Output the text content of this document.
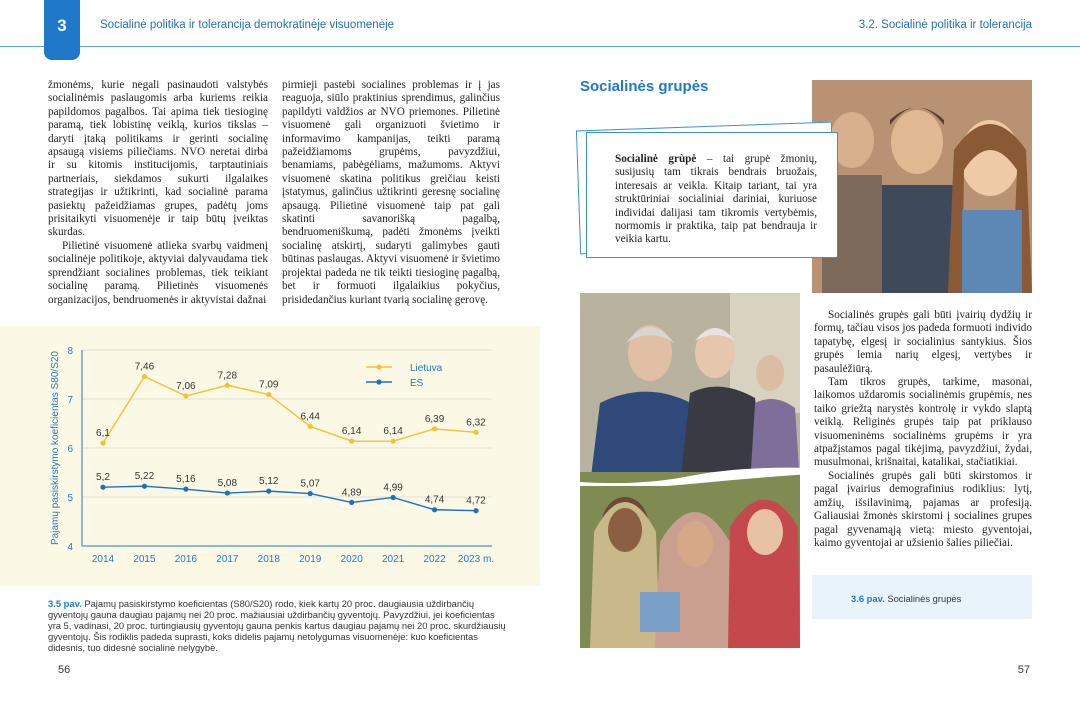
3	Socialinė politika ir tolerancija demokratinėje visuomenėje	3.2. Socialinė politika ir tolerancija

žmonėms, kurie negali pasinaudoti valstybės socialinėmis paslaugomis arba kuriems reikia papildomos pagalbos. Tai apima tiek tiesioginę paramą, tiek lobistinę veiklą, kurios tikslas – daryti įtaką politikams ir gerinti socialinę apsaugą visiems piliečiams. NVO neretai dirba ir su kitomis institucijomis, tarptautiniais partneriais, siekdamos sukurti ilgalaikes strategijas ir užtikrinti, kad socialinė parama pasiektų pažeidžiamas grupes, padėtų joms prisitaikyti visuomenėje ir taip būtų įveiktas skurdas.

Pilietinė visuomenė atlieka svarbų vaidmenį socialinėje politikoje, aktyviai dalyvaudama tiek sprendžiant socialines problemas, tiek teikiant socialinę paramą. Pilietinės visuomenės organizacijos, bendruomenės ir aktyvistai dažnai

pirmieji pastebi socialines problemas ir į jas reaguoja, siūlo praktinius sprendimus, galinčius papildyti valdžios ar NVO priemones. Pilietinė visuomenė gali organizuoti švietimo ir informavimo kampanijas, teikti paramą pažeidžiamoms grupėms, pavyzdžiui, benamiams, pabėgėliams, mažumoms. Aktyvi visuomenė skatina politikus greičiau keisti įstatymus, galinčius užtikrinti geresnę socialinę apsaugą. Pilietinė visuomenė taip pat gali skatinti savanorišką pagalbą, bendruomeniškumą, padėti žmonėms įveikti socialinę atskirtį, sudaryti galimybes gauti būtinas paslaugas. Aktyvi visuomenė ir švietimo projektai padeda ne tik teikti tiesioginę pagalbą, bet ir formuoti ilgalaikius pokyčius, prisidedančius kuriant tvarią socialinę gerovę.

4
5
6
7
8
2014 2015 2016 2017 2018 2019 2020 2021 2022 2023 m.
Pajamų pasiskirstymo koeficientas S80/S20	6,1
7,46
7,06
7,28
7,09
6,44
6,14 6,14
6,39 6,32
Lietuva
5,2 5,22 5,16 5,08 5,12 5,07
4,89 4,99
4,74 4,72
ES
3.5 pav. Pajamų pasiskirstymo koeficientas (S80/S20) rodo, kiek kartų 20 proc. daugiausia uždirbančių gyventojų gauna daugiau pajamų nei 20 proc. mažiausiai uždirbančių gyventojų. Pavyzdžiui, jei koeficientas yra 5, vadinasi, 20 proc. turtingiausių gyventojų gauna penkis kartus daugiau pajamų nei 20 proc. skurdžiausių gyventojų. Šis rodiklis padeda suprasti, koks didelis pajamų netolygumas visuomenėje: kuo koeficientas didesnis, tuo didesnė socialinė nelygybė.
56
Socialinės grupės
Socialinė grùpė – tai grupė žmonių, susijusių tam tikrais bendrais bruožais, interesais ar veikla. Kitaip tariant, tai yra struktūriniai socialiniai dariniai, kuriuose individai dalijasi tam tikromis vertybėmis, normomis ir praktika, taip pat bendrauja ir veikia kartu.

Socialinės grupės gali būti įvairių dydžių ir formų, tačiau visos jos padeda formuoti individo tapatybę, elgesį ir socialinius santykius. Šios grupės lemia narių elgesį, vertybes ir pasaulėžiūrą.

Tam tikros grupės, tarkime, masonai, laikomos uždaromis socialinėmis grupėmis, nes taiko griežtą narystės kontrolę ir vykdo slaptą veiklą. Religinės grupės taip pat priklauso visuomeninėms socialinėms grupėms ir yra atpažįstamos pagal tikėjimą, pavyzdžiui, žydai, musulmonai, krišnaitai, katalikai, stačiatikiai.

Socialinės grupės gali būti skirstomos ir pagal įvairius demografinius rodiklius: lytį, amžių, išsilavinimą, pajamas ar profesiją. Galiausiai žmonės skirstomi į socialines grupes pagal gyvenamąją vietą: miesto gyventojai, kaimo gyventojai ar užsienio šalies piliečiai.

3.6 pav. Socialinės grupės
57
